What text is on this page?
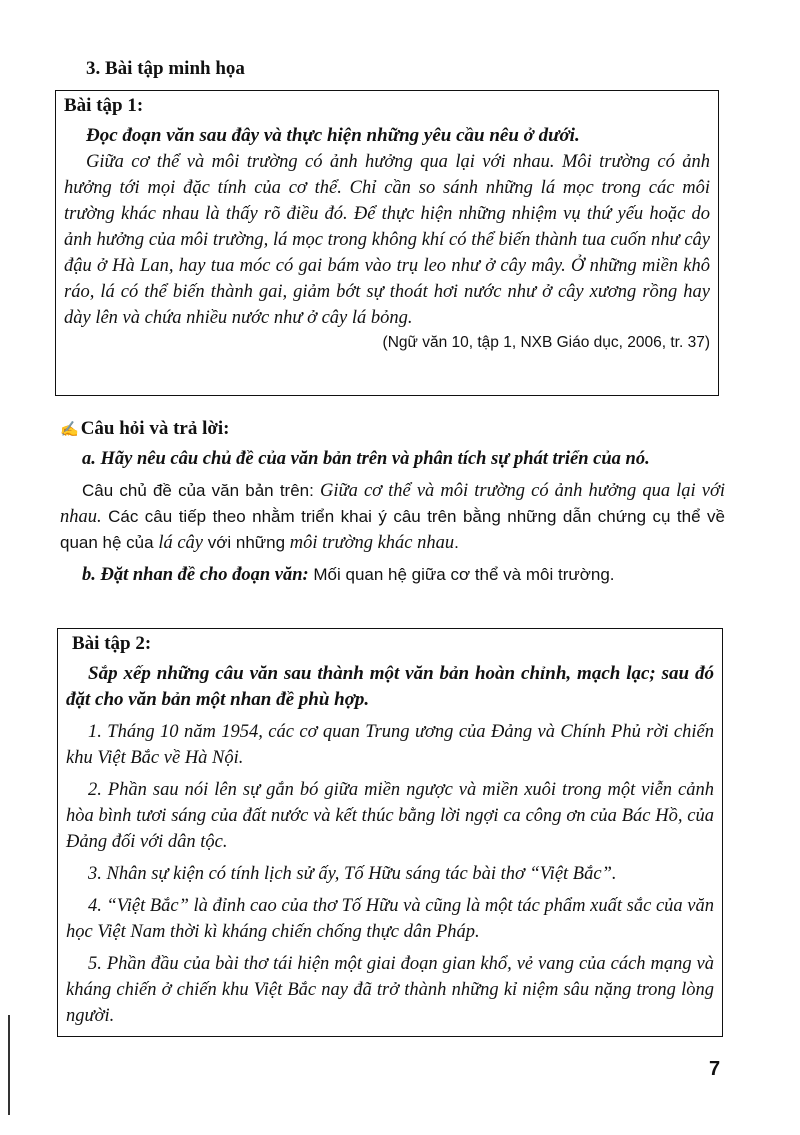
3. Bài tập minh họa
Bài tập 1:

Đọc đoạn văn sau đây và thực hiện những yêu cầu nêu ở dưới.

Giữa cơ thể và môi trường có ảnh hưởng qua lại với nhau. Môi trường có ảnh hưởng tới mọi đặc tính của cơ thể. Chỉ cần so sánh những lá mọc trong các môi trường khác nhau là thấy rõ điều đó. Để thực hiện những nhiệm vụ thứ yếu hoặc do ảnh hưởng của môi trường, lá mọc trong không khí có thể biến thành tua cuốn như cây đậu ở Hà Lan, hay tua móc có gai bám vào trụ leo như ở cây mây. Ở những miền khô ráo, lá có thể biến thành gai, giảm bớt sự thoát hơi nước như ở cây xương rồng hay dày lên và chứa nhiều nước như ở cây lá bỏng.

(Ngữ văn 10, tập 1, NXB Giáo dục, 2006, tr. 37)
✍ Câu hỏi và trả lời:

a. Hãy nêu câu chủ đề của văn bản trên và phân tích sự phát triển của nó.

Câu chủ đề của văn bản trên: Giữa cơ thể và môi trường có ảnh hưởng qua lại với nhau. Các câu tiếp theo nhằm triển khai ý câu trên bằng những dẫn chứng cụ thể về quan hệ của lá cây với những môi trường khác nhau.

b. Đặt nhan đề cho đoạn văn: Mối quan hệ giữa cơ thể và môi trường.

Bài tập 2:

Sắp xếp những câu văn sau thành một văn bản hoàn chỉnh, mạch lạc; sau đó đặt cho văn bản một nhan đề phù hợp.

1. Tháng 10 năm 1954, các cơ quan Trung ương của Đảng và Chính Phủ rời chiến khu Việt Bắc về Hà Nội.

2. Phần sau nói lên sự gắn bó giữa miền ngược và miền xuôi trong một viễn cảnh hòa bình tươi sáng của đất nước và kết thúc bằng lời ngợi ca công ơn của Bác Hồ, của Đảng đối với dân tộc.

3. Nhân sự kiện có tính lịch sử ấy, Tố Hữu sáng tác bài thơ “Việt Bắc”.

4. “Việt Bắc” là đỉnh cao của thơ Tố Hữu và cũng là một tác phẩm xuất sắc của văn học Việt Nam thời kì kháng chiến chống thực dân Pháp.

5. Phần đầu của bài thơ tái hiện một giai đoạn gian khổ, vẻ vang của cách mạng và kháng chiến ở chiến khu Việt Bắc nay đã trở thành những kỉ niệm sâu nặng trong lòng người.

7
